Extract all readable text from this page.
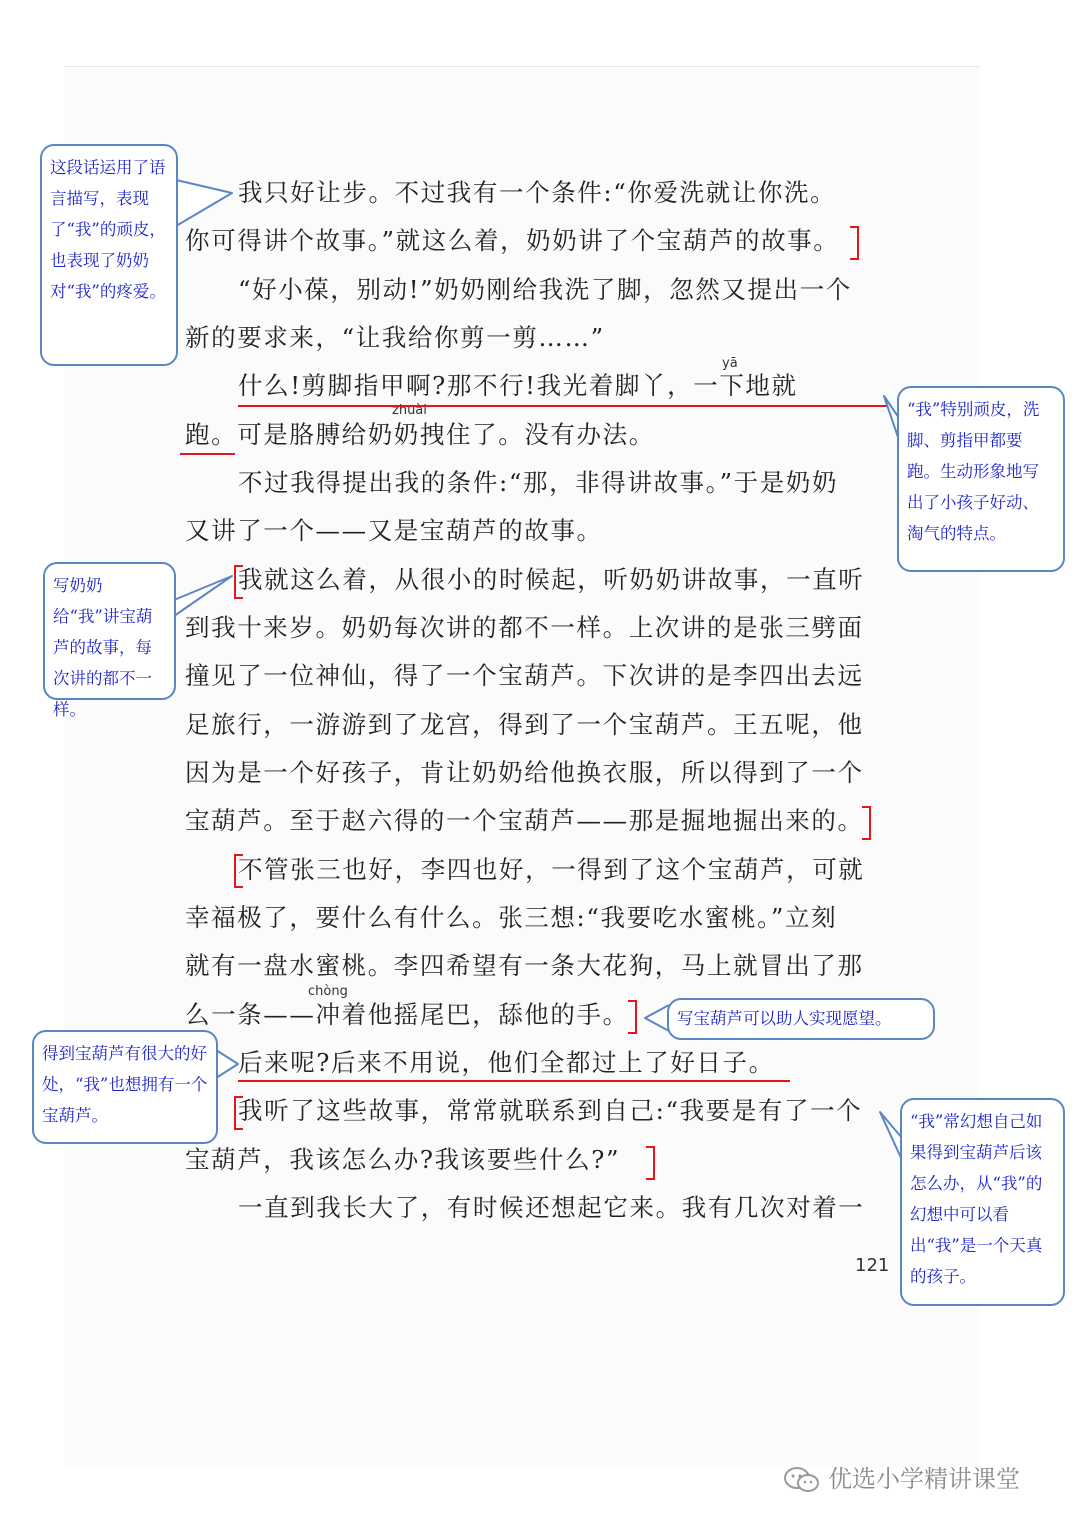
我只好让步。不过我有一个条件:“你爱洗就让你洗。
你可得讲个故事。”就这么着，奶奶讲了个宝葫芦的故事。
“好小葆，别动!”奶奶刚给我洗了脚，忽然又提出一个
新的要求来，“让我给你剪一剪……”
什么!剪脚指甲啊?那不行!我光着脚丫，一下地就
跑。可是胳膊给奶奶拽住了。没有办法。
不过我得提出我的条件:“那，非得讲故事。”于是奶奶
又讲了一个——又是宝葫芦的故事。
我就这么着，从很小的时候起，听奶奶讲故事，一直听
到我十来岁。奶奶每次讲的都不一样。上次讲的是张三劈面
撞见了一位神仙，得了一个宝葫芦。下次讲的是李四出去远
足旅行，一游游到了龙宫，得到了一个宝葫芦。王五呢，他
因为是一个好孩子，肯让奶奶给他换衣服，所以得到了一个
宝葫芦。至于赵六得的一个宝葫芦——那是掘地掘出来的。
不管张三也好，李四也好，一得到了这个宝葫芦，可就
幸福极了，要什么有什么。张三想:“我要吃水蜜桃。”立刻
就有一盘水蜜桃。李四希望有一条大花狗，马上就冒出了那
么一条——冲着他摇尾巴，舔他的手。
后来呢?后来不用说，他们全都过上了好日子。
我听了这些故事，常常就联系到自己:“我要是有了一个
宝葫芦，我该怎么办?我该要些什么?”
一直到我长大了，有时候还想起它来。我有几次对着一
yā
zhuài
chòng
121
这段话运用了语言描写，表现了“我”的顽皮，也表现了奶奶对“我”的疼爱。
“我”特别顽皮，洗脚、剪指甲都要跑。生动形象地写出了小孩子好动、淘气的特点。
写奶奶给“我”讲宝葫芦的故事，每次讲的都不一样。
写宝葫芦可以助人实现愿望。
得到宝葫芦有很大的好处，“我”也想拥有一个宝葫芦。	“我”常幻想自己如果得到宝葫芦后该怎么办，从“我”的幻想中可以看出“我”是一个天真的孩子。
优选小学精讲课堂
